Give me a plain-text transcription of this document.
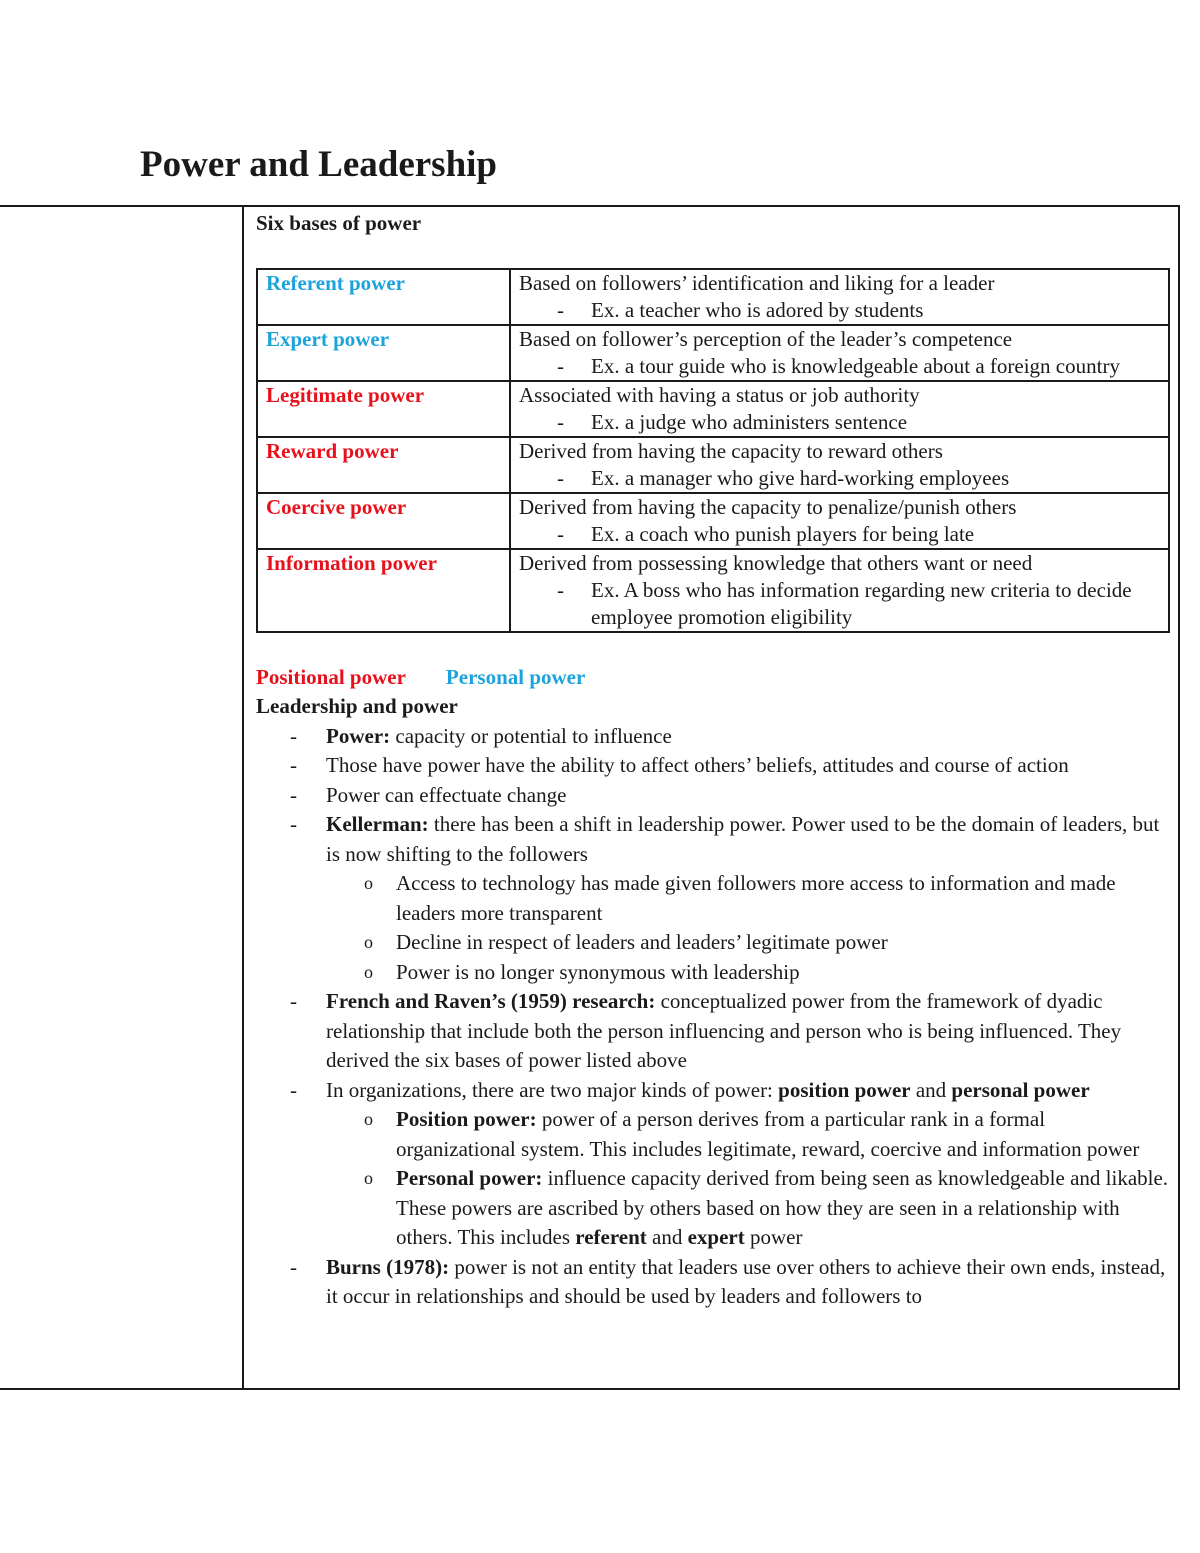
Power and Leadership
Six bases of power
Referent power	Based on followers’ identification and liking for a leader
- Ex. a teacher who is adored by students

Expert power	Based on follower’s perception of the leader’s competence
- Ex. a tour guide who is knowledgeable about a foreign country

Legitimate power	Associated with having a status or job authority
- Ex. a judge who administers sentence

Reward power	Derived from having the capacity to reward others
- Ex. a manager who give hard-working employees

Coercive power	Derived from having the capacity to penalize/punish others
- Ex. a coach who punish players for being late

Information power	Derived from possessing knowledge that others want or need
- Ex. A boss who has information regarding new criteria to decide employee promotion eligibility
Positional power Personal power
Leadership and power
- Power: capacity or potential to influence
- Those have power have the ability to affect others’ beliefs, attitudes and course of action
- Power can effectuate change
- Kellerman: there has been a shift in leadership power. Power used to be the domain of leaders, but is now shifting to the followers
o Access to technology has made given followers more access to information and made leaders more transparent
o Decline in respect of leaders and leaders’ legitimate power
o Power is no longer synonymous with leadership
- French and Raven’s (1959) research: conceptualized power from the framework of dyadic relationship that include both the person influencing and person who is being influenced. They derived the six bases of power listed above
- In organizations, there are two major kinds of power: position power and personal power
o Position power: power of a person derives from a particular rank in a formal organizational system. This includes legitimate, reward, coercive and information power
o Personal power: influence capacity derived from being seen as knowledgeable and likable. These powers are ascribed by others based on how they are seen in a relationship with others. This includes referent and expert power
- Burns (1978): power is not an entity that leaders use over others to achieve their own ends, instead, it occur in relationships and should be used by leaders and followers to
